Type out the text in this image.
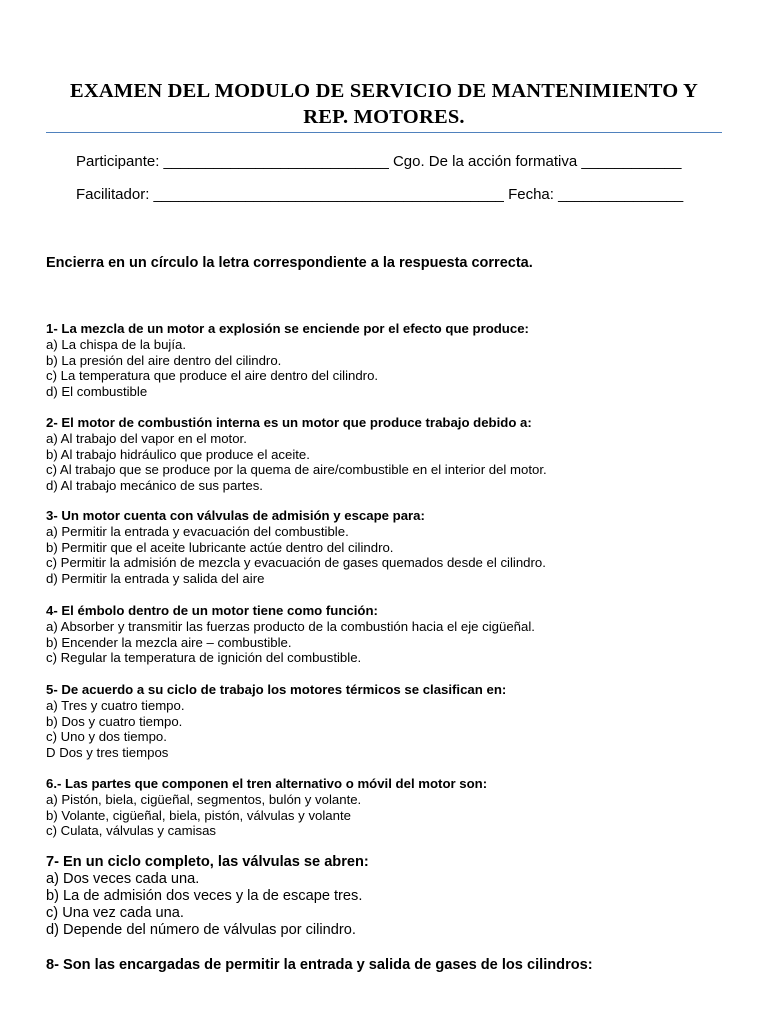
EXAMEN DEL MODULO DE SERVICIO DE MANTENIMIENTO Y
REP. MOTORES.
Participante: ___________________________ Cgo. De la acción formativa ____________
Facilitador: __________________________________________ Fecha: _______________
Encierra en un círculo la letra correspondiente a la respuesta correcta.
1- La mezcla de un motor a explosión se enciende por el efecto que produce:
a) La chispa de la bujía.
b) La presión del aire dentro del cilindro.
c) La temperatura que produce el aire dentro del cilindro.
d) El combustible
2- El motor de combustión interna es un motor que produce trabajo debido a:
a) Al trabajo del vapor en el motor.
b) Al trabajo hidráulico que produce el aceite.
c) Al trabajo que se produce por la quema de aire/combustible en el interior del motor.
d) Al trabajo mecánico de sus partes.
3- Un motor cuenta con válvulas de admisión y escape para:
a) Permitir la entrada y evacuación del combustible.
b) Permitir que el aceite lubricante actúe dentro del cilindro.
c) Permitir la admisión de mezcla y evacuación de gases quemados desde el cilindro.
d) Permitir la entrada y salida del aire
4- El émbolo dentro de un motor tiene como función:
a) Absorber y transmitir las fuerzas producto de la combustión hacia el eje cigüeñal.
b) Encender la mezcla aire – combustible.
c) Regular la temperatura de ignición del combustible.
5- De acuerdo a su ciclo de trabajo los motores térmicos se clasifican en:
a) Tres y cuatro tiempo.
b) Dos y cuatro tiempo.
c) Uno y dos tiempo.
D Dos y tres tiempos
6.- Las partes que componen el tren alternativo o móvil del motor son:
a) Pistón, biela, cigüeñal, segmentos, bulón y volante.
b) Volante, cigüeñal, biela, pistón, válvulas y volante
c) Culata, válvulas y camisas
7- En un ciclo completo, las válvulas se abren:
a) Dos veces cada una.
b) La de admisión dos veces y la de escape tres.
c) Una vez cada una.
d) Depende del número de válvulas por cilindro.
8- Son las encargadas de permitir la entrada y salida de gases de los cilindros:
